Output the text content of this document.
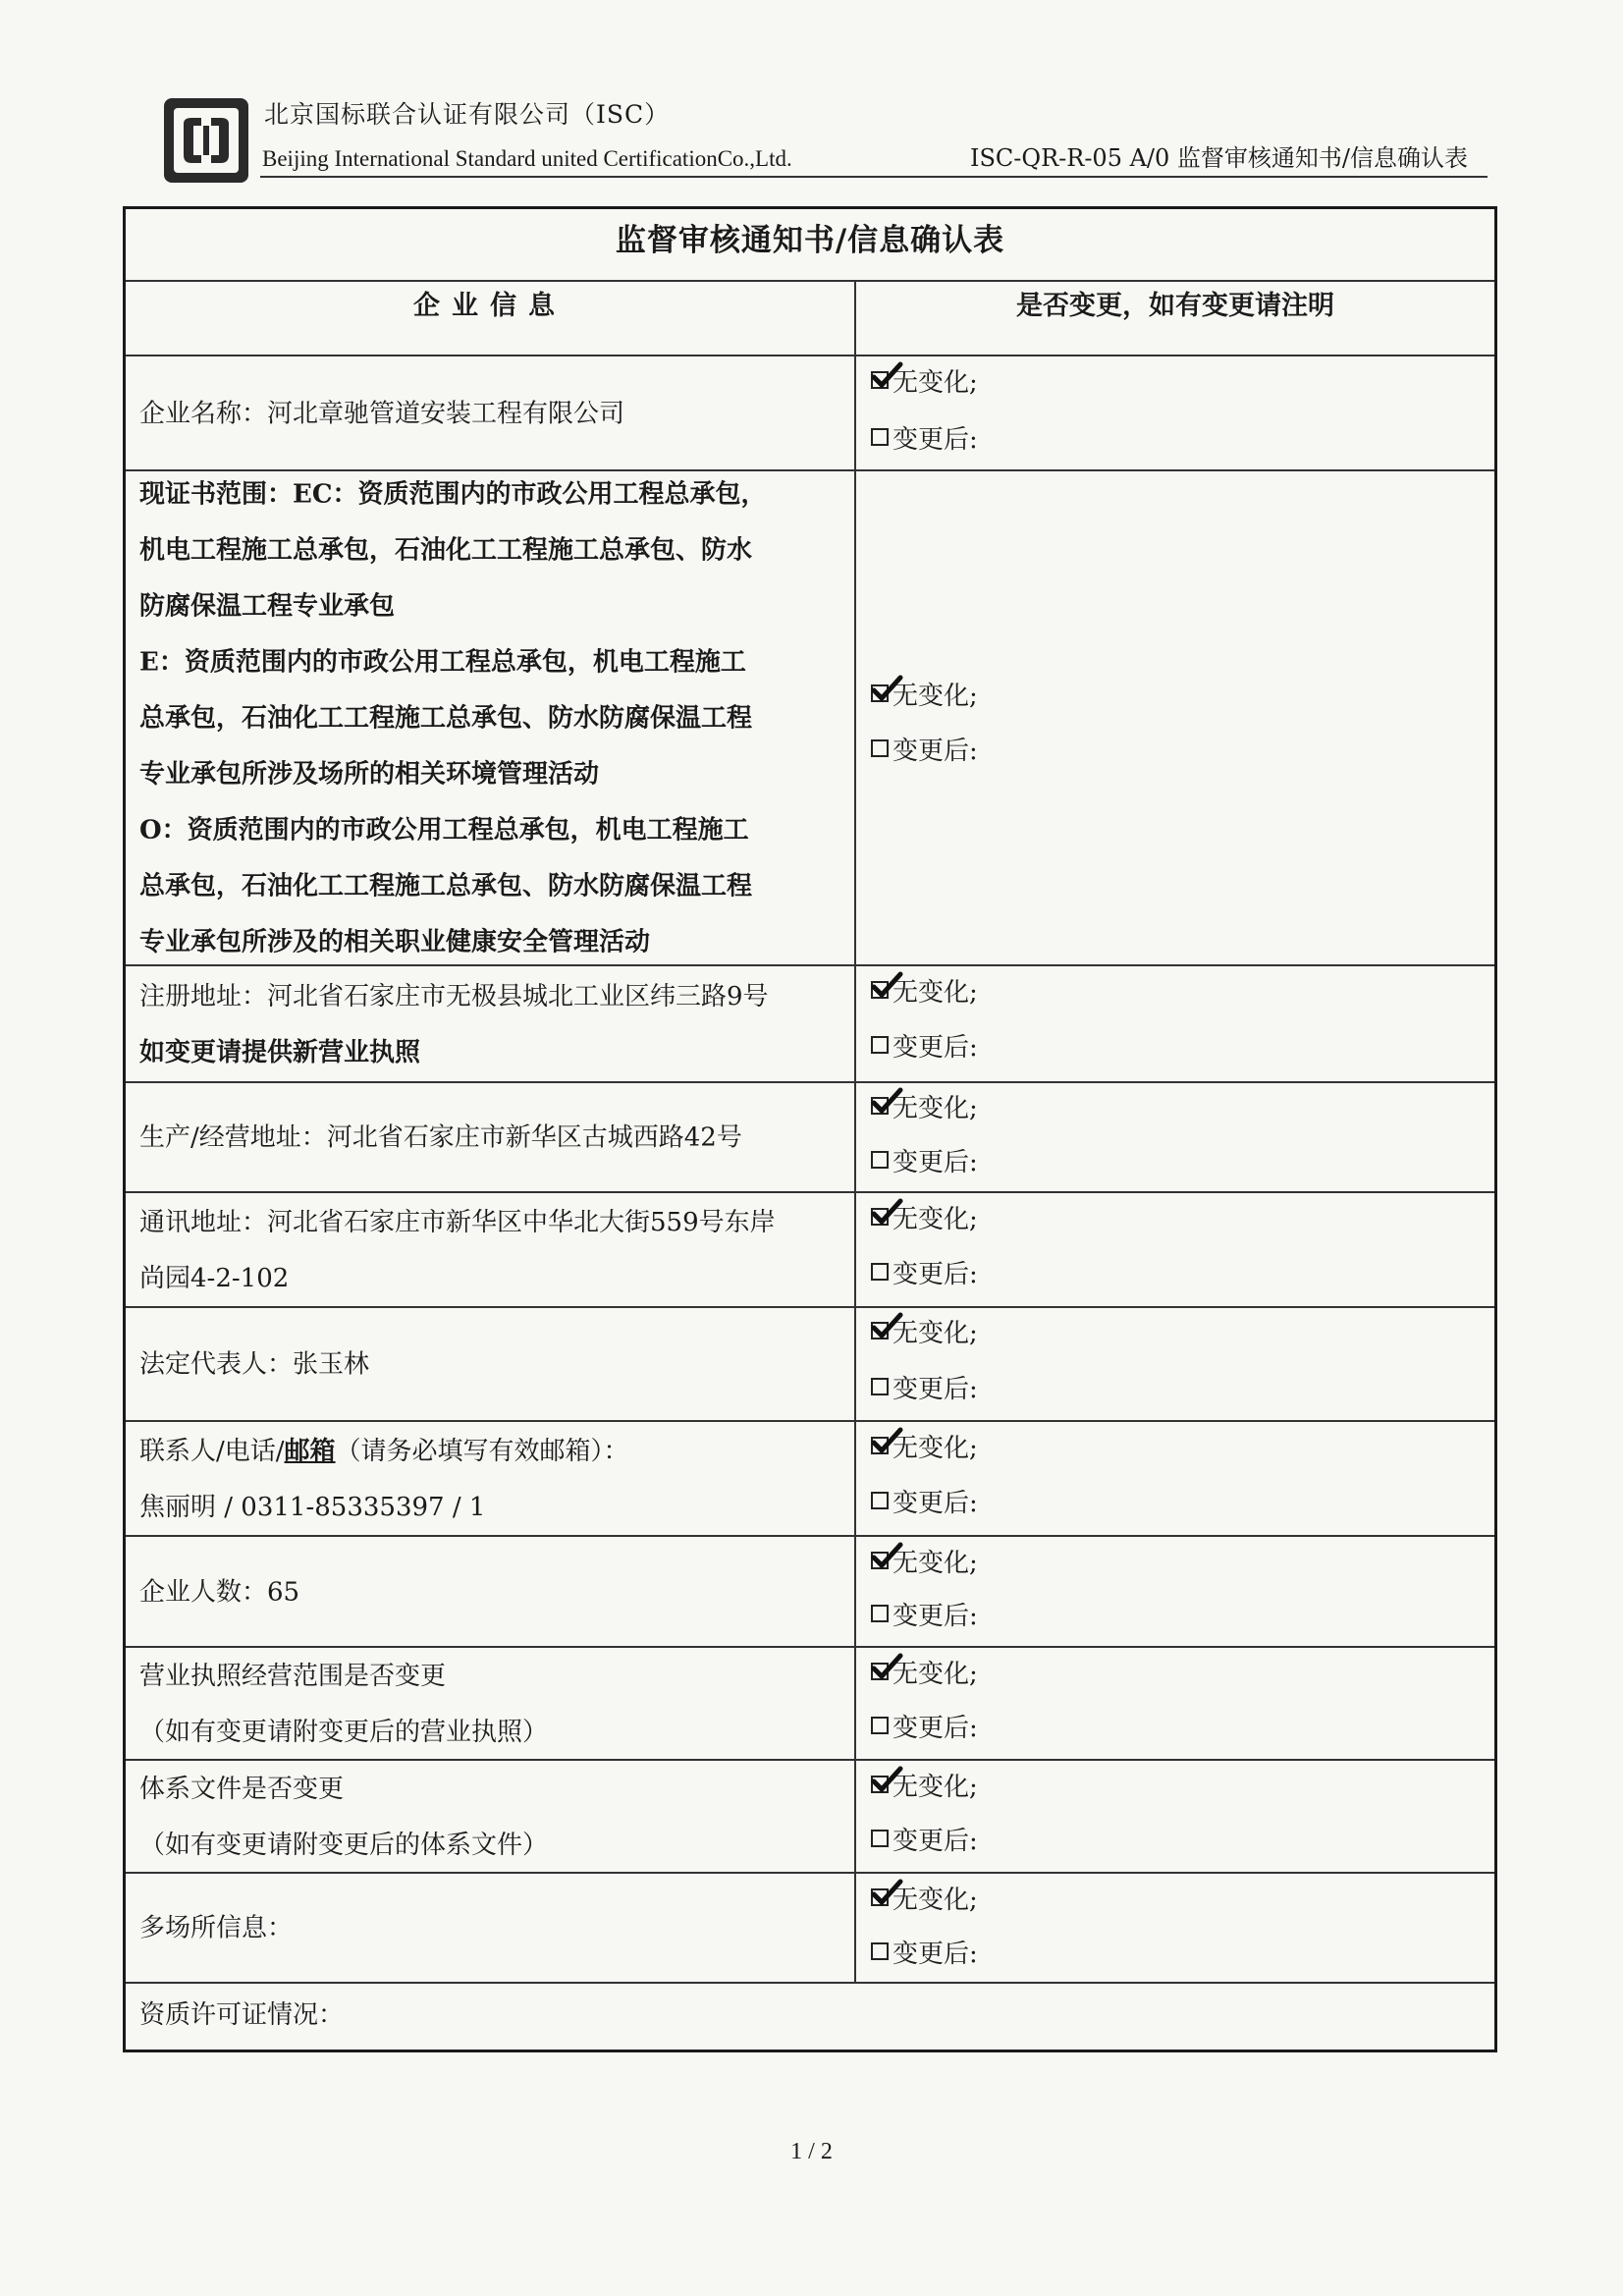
北京国标联合认证有限公司（ISC）
Beijing International Standard united CertificationCo.,Ltd.	ISC-QR-R-05 A/0 监督审核通知书/信息确认表
监督审核通知书/信息确认表
企业信息	是否变更，如有变更请注明
企业名称：河北章驰管道安装工程有限公司
无变化;
变更后:
现证书范围：EC：资质范围内的市政公用工程总承包，
机电工程施工总承包，石油化工工程施工总承包、防水
防腐保温工程专业承包
E：资质范围内的市政公用工程总承包，机电工程施工
总承包，石油化工工程施工总承包、防水防腐保温工程
专业承包所涉及场所的相关环境管理活动
O：资质范围内的市政公用工程总承包，机电工程施工
总承包，石油化工工程施工总承包、防水防腐保温工程
专业承包所涉及的相关职业健康安全管理活动
无变化;
变更后:
注册地址：河北省石家庄市无极县城北工业区纬三路9号
如变更请提供新营业执照
无变化;
变更后:
生产/经营地址：河北省石家庄市新华区古城西路42号
无变化;
变更后:
通讯地址：河北省石家庄市新华区中华北大街559号东岸
尚园4-2-102
无变化;
变更后:
法定代表人：张玉林
无变化;
变更后:
联系人/电话/邮箱（请务必填写有效邮箱）：
焦丽明 / 0311-85335397 / 1
无变化;
变更后:
企业人数：65
无变化;
变更后:
营业执照经营范围是否变更
（如有变更请附变更后的营业执照）
无变化;
变更后:
体系文件是否变更
（如有变更请附变更后的体系文件）
无变化;
变更后:
多场所信息：
无变化;
变更后:
资质许可证情况：
1 / 2
